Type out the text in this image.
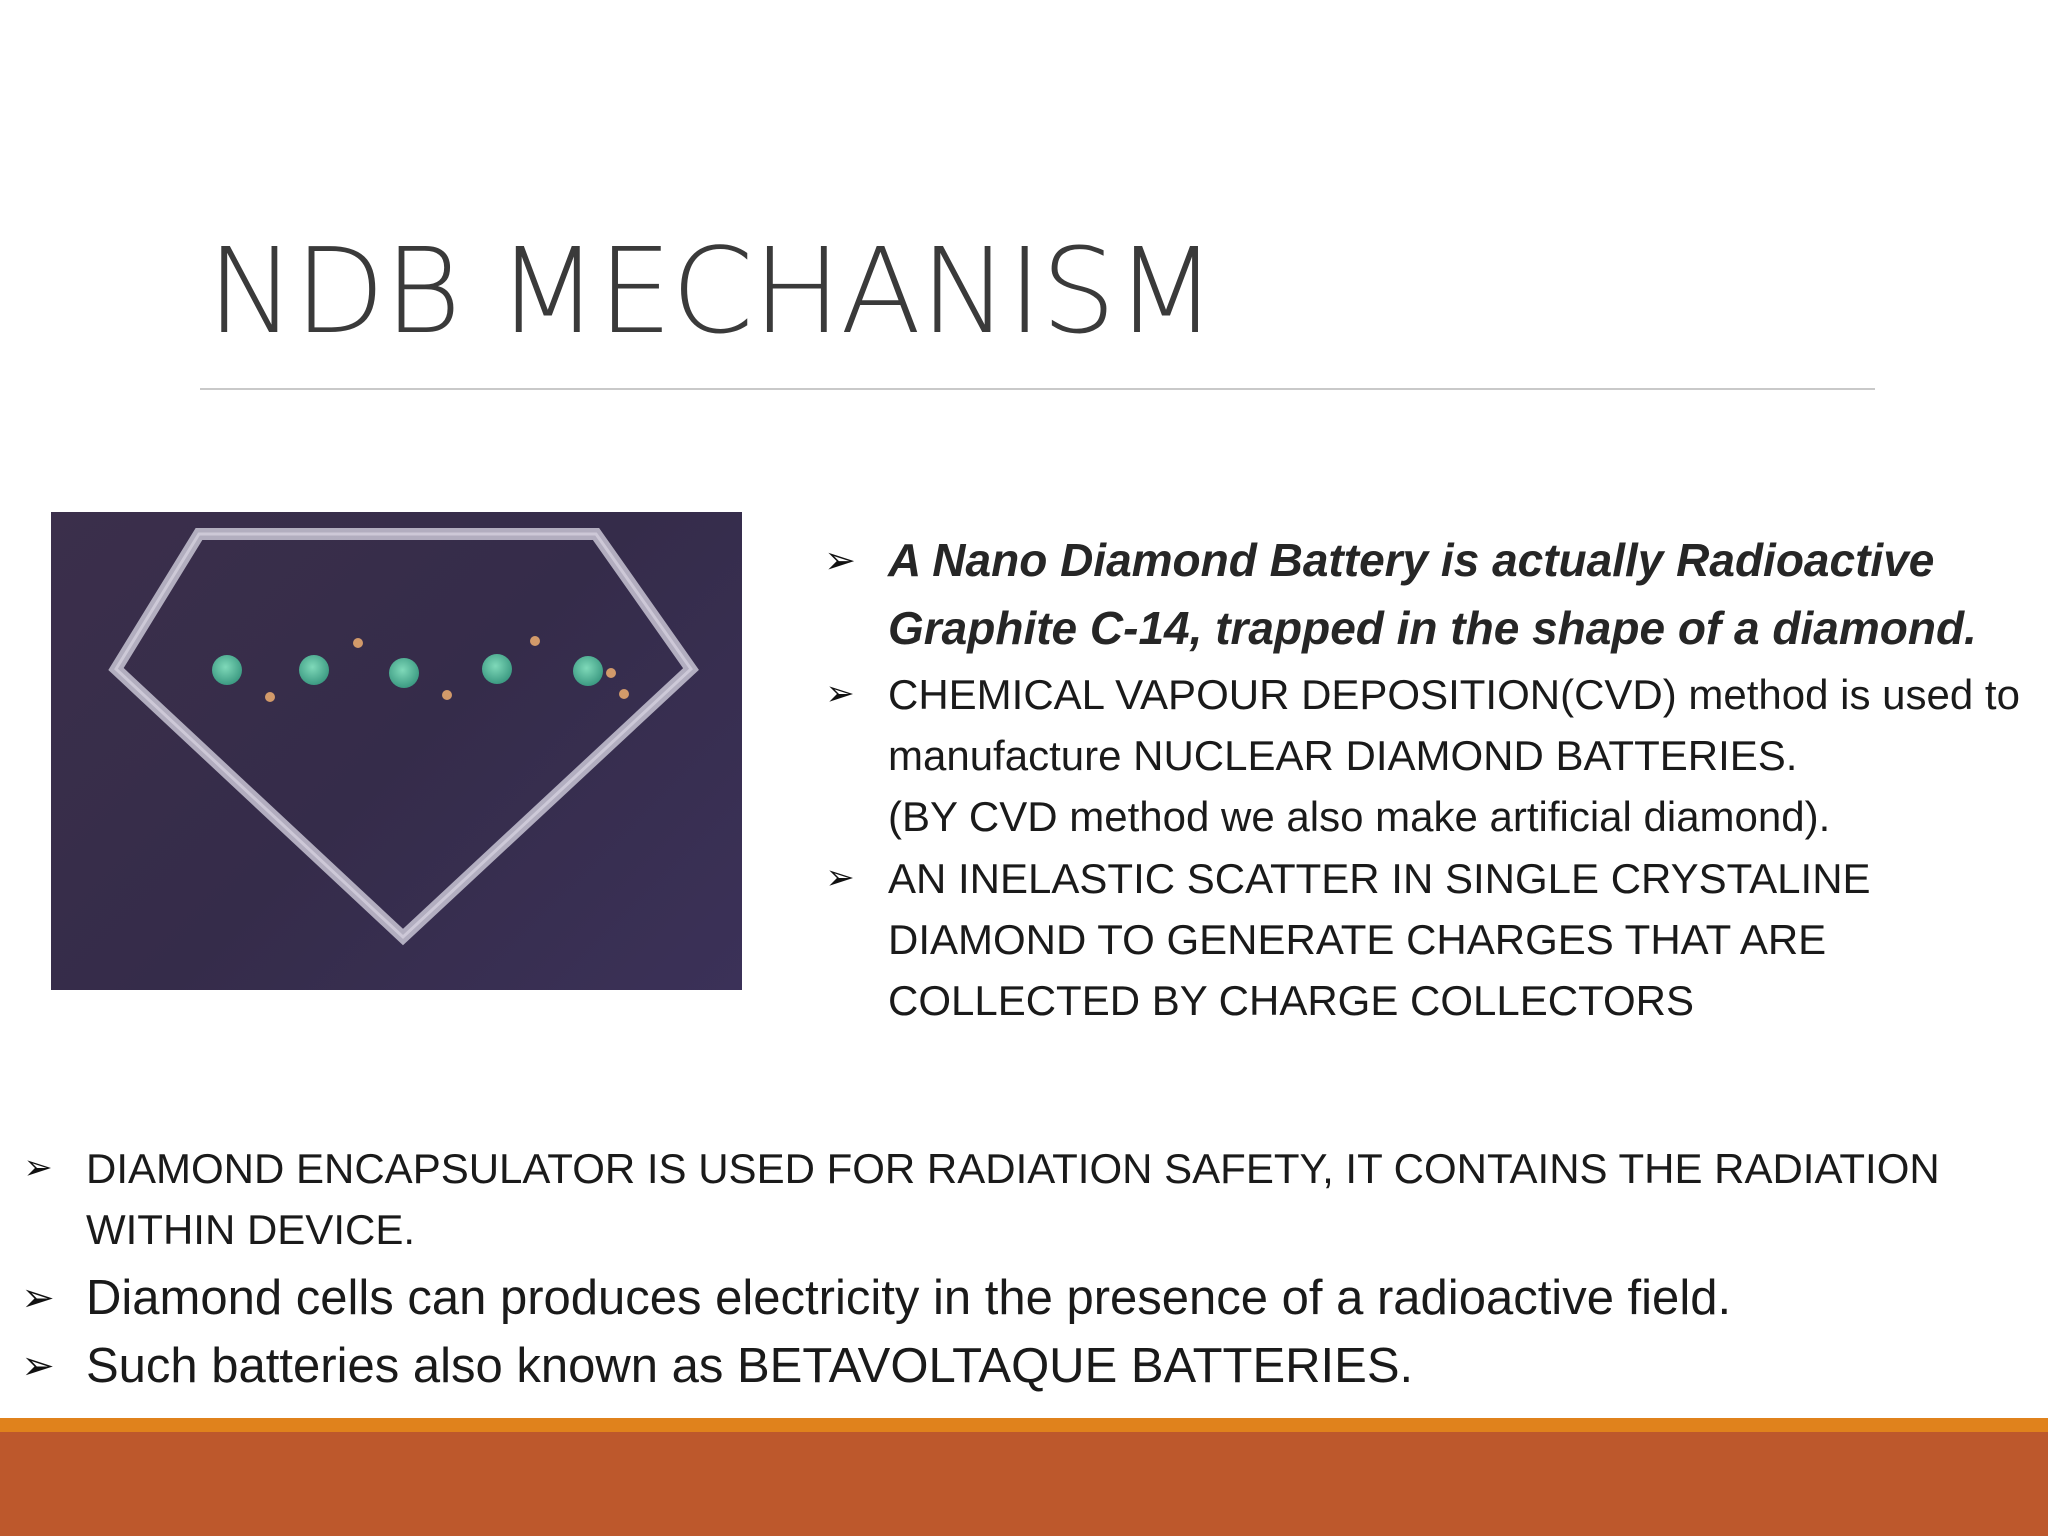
NDB MECHANISM
➢ A Nano Diamond Battery is actually Radioactive Graphite C-14, trapped in the shape of a diamond.
➢ CHEMICAL VAPOUR DEPOSITION(CVD) method is used to manufacture NUCLEAR DIAMOND BATTERIES.
(BY CVD method we also make artificial diamond).
➢ AN INELASTIC SCATTER IN SINGLE CRYSTALINE DIAMOND TO GENERATE CHARGES THAT ARE COLLECTED BY CHARGE COLLECTORS
➢ DIAMOND ENCAPSULATOR IS USED FOR RADIATION SAFETY, IT CONTAINS THE RADIATION WITHIN DEVICE.
➢ Diamond cells can produces electricity in the presence of a radioactive field.
➢ Such batteries also known as BETAVOLTAQUE BATTERIES.
